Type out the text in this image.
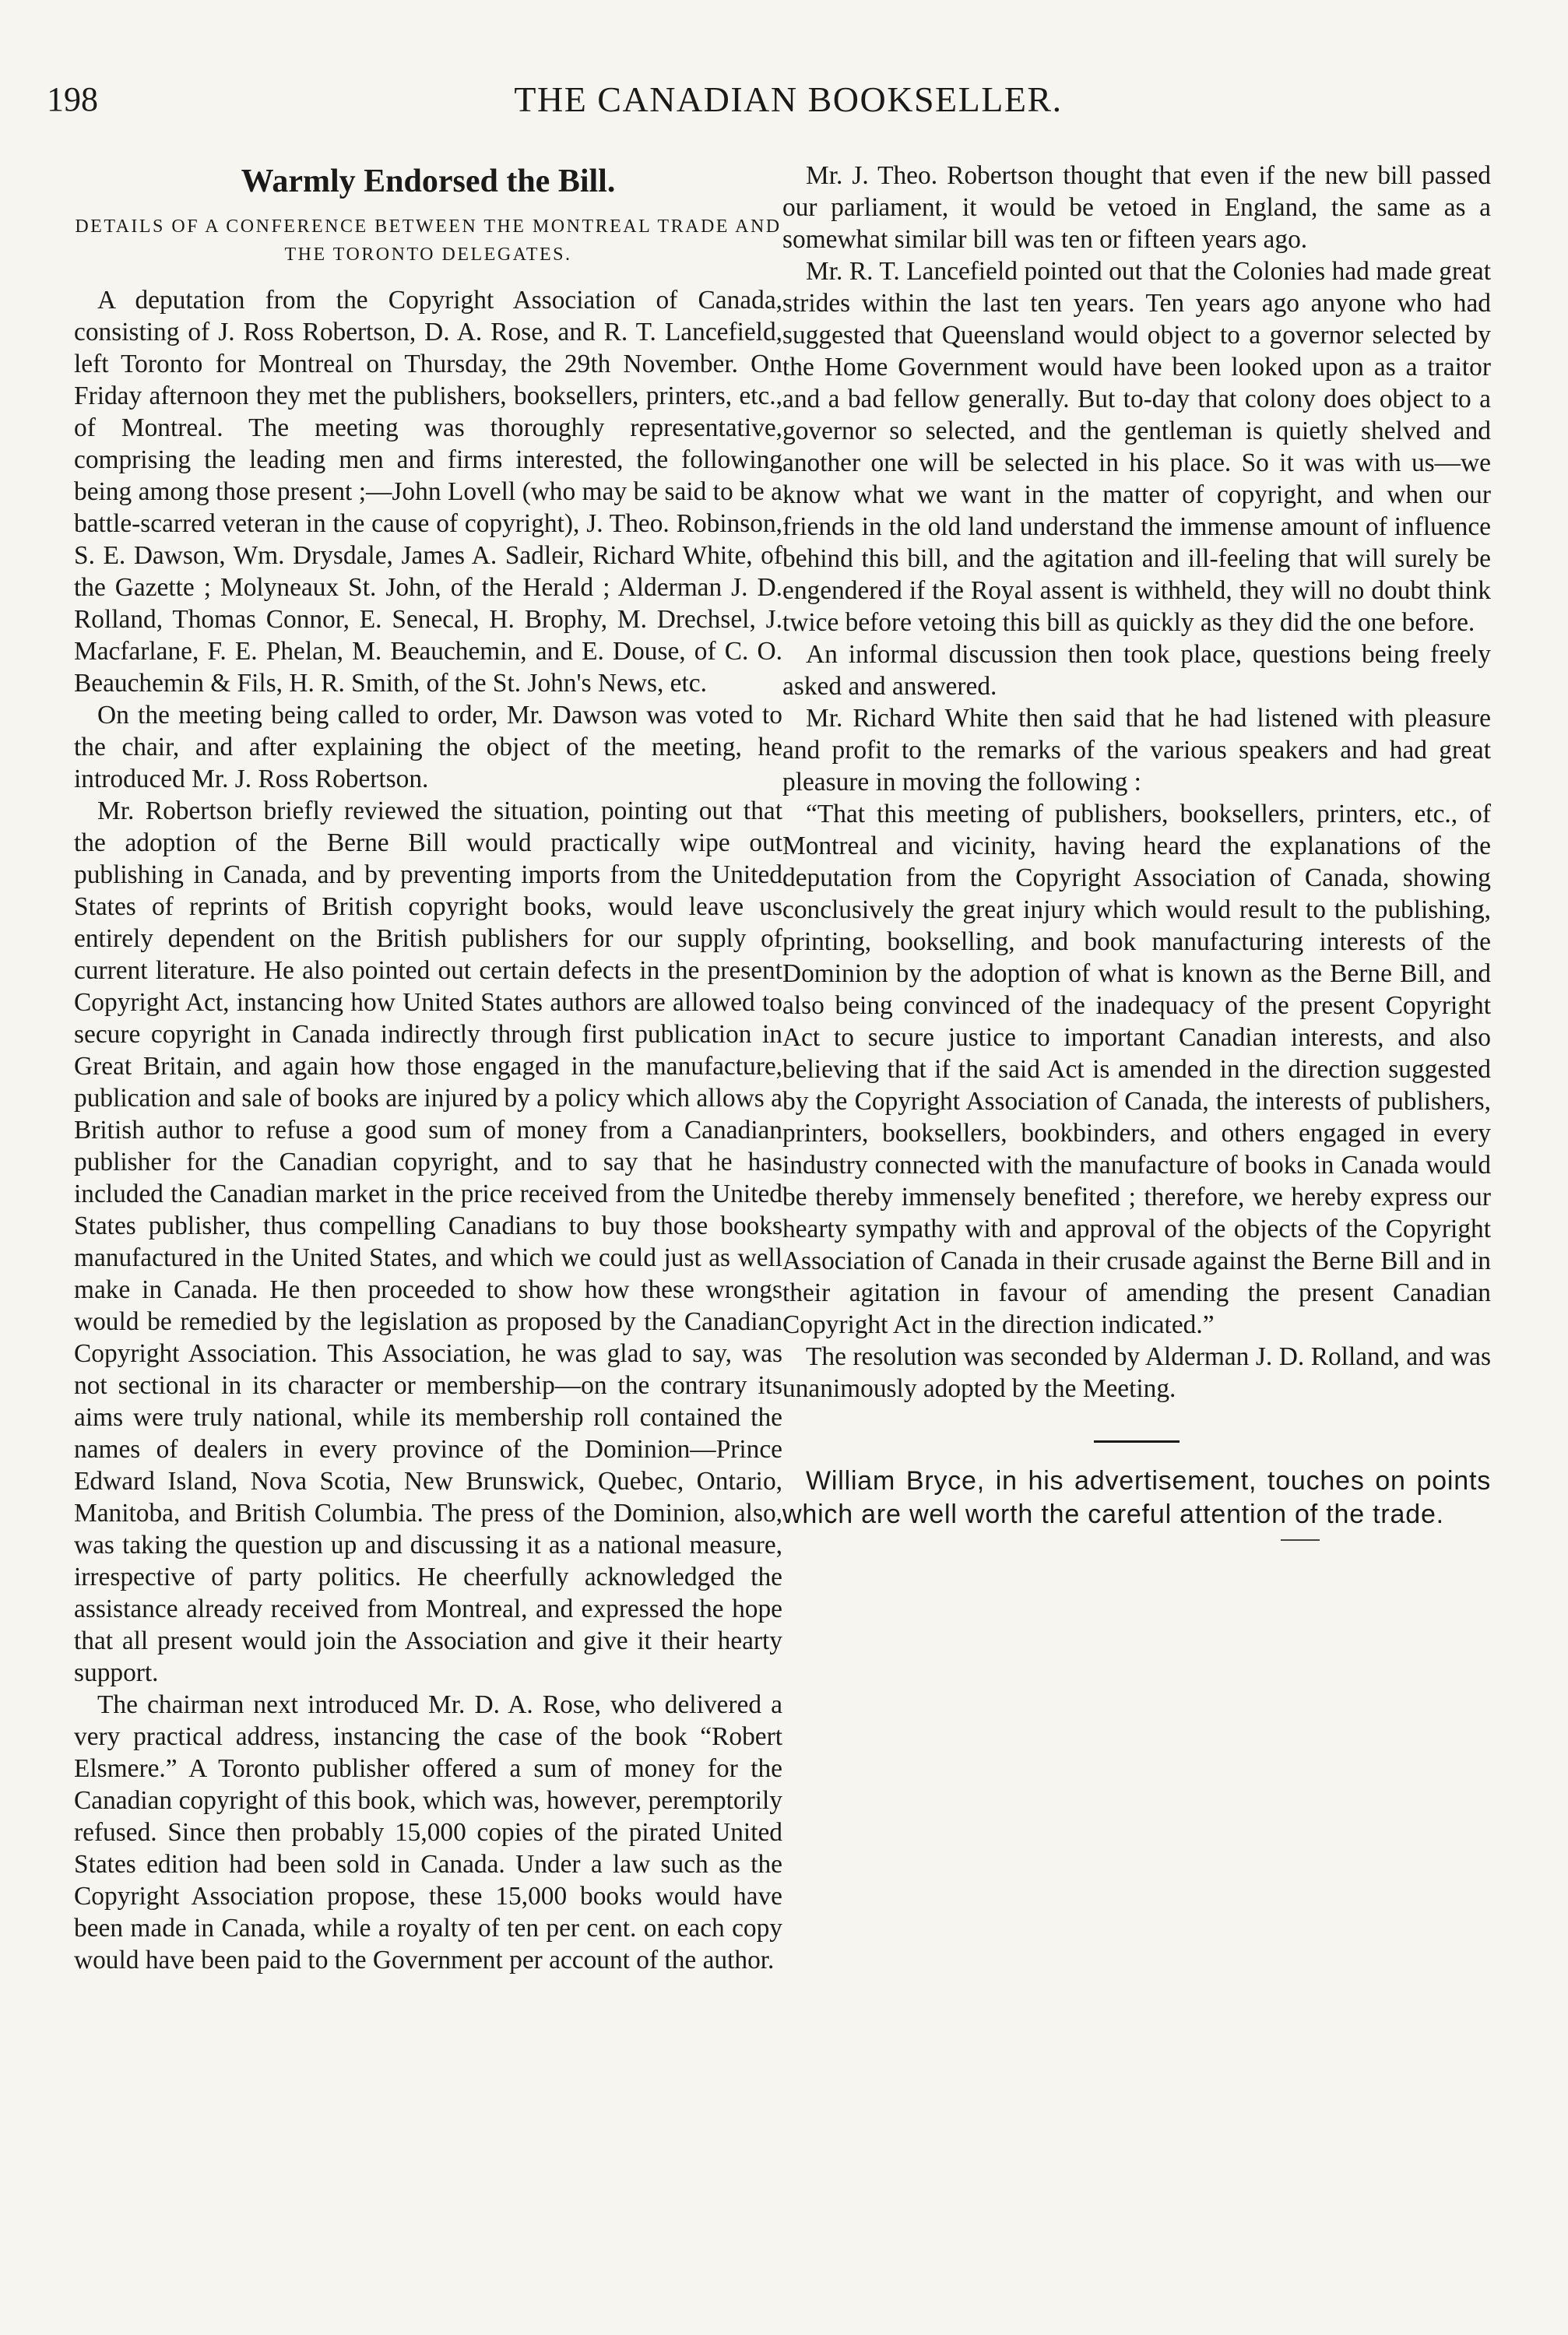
198	THE CANADIAN BOOKSELLER.
Warmly Endorsed the Bill.
DETAILS OF A CONFERENCE BETWEEN THE MONTREAL TRADE AND THE TORONTO DELEGATES.

A deputation from the Copyright Association of Canada, consisting of J. Ross Robertson, D. A. Rose, and R. T. Lancefield, left Toronto for Montreal on Thursday, the 29th November. On Friday afternoon they met the publishers, booksellers, printers, etc., of Montreal. The meeting was thoroughly representative, comprising the leading men and firms interested, the following being among those present ;—John Lovell (who may be said to be a battle-scarred veteran in the cause of copyright), J. Theo. Robinson, S. E. Dawson, Wm. Drysdale, James A. Sadleir, Richard White, of the Gazette ; Molyneaux St. John, of the Herald ; Alderman J. D. Rolland, Thomas Connor, E. Senecal, H. Brophy, M. Drechsel, J. Macfarlane, F. E. Phelan, M. Beauchemin, and E. Douse, of C. O. Beauchemin & Fils, H. R. Smith, of the St. John's News, etc.

On the meeting being called to order, Mr. Dawson was voted to the chair, and after explaining the object of the meeting, he introduced Mr. J. Ross Robertson.

Mr. Robertson briefly reviewed the situation, pointing out that the adoption of the Berne Bill would practically wipe out publishing in Canada, and by preventing imports from the United States of reprints of British copyright books, would leave us entirely dependent on the British publishers for our supply of current literature. He also pointed out certain defects in the present Copyright Act, instancing how United States authors are allowed to secure copyright in Canada indirectly through first publication in Great Britain, and again how those engaged in the manufacture, publication and sale of books are injured by a policy which allows a British author to refuse a good sum of money from a Canadian publisher for the Canadian copyright, and to say that he has included the Canadian market in the price received from the United States publisher, thus compelling Canadians to buy those books manufactured in the United States, and which we could just as well make in Canada. He then proceeded to show how these wrongs would be remedied by the legislation as proposed by the Canadian Copyright Association. This Association, he was glad to say, was not sectional in its character or membership—on the contrary its aims were truly national, while its membership roll contained the names of dealers in every province of the Dominion—Prince Edward Island, Nova Scotia, New Brunswick, Quebec, Ontario, Manitoba, and British Columbia. The press of the Dominion, also, was taking the question up and discussing it as a national measure, irrespective of party politics. He cheerfully acknowledged the assistance already received from Montreal, and expressed the hope that all present would join the Association and give it their hearty support.

The chairman next introduced Mr. D. A. Rose, who delivered a very practical address, instancing the case of the book “Robert Elsmere.” A Toronto publisher offered a sum of money for the Canadian copyright of this book, which was, however, peremptorily refused. Since then probably 15,000 copies of the pirated United States edition had been sold in Canada. Under a law such as the Copyright Association propose, these 15,000 books would have been made in Canada, while a royalty of ten per cent. on each copy would have been paid to the Government per account of the author.

Mr. J. Theo. Robertson thought that even if the new bill passed our parliament, it would be vetoed in England, the same as a somewhat similar bill was ten or fifteen years ago.

Mr. R. T. Lancefield pointed out that the Colonies had made great strides within the last ten years. Ten years ago anyone who had suggested that Queensland would object to a governor selected by the Home Government would have been looked upon as a traitor and a bad fellow generally. But to-day that colony does object to a governor so selected, and the gentleman is quietly shelved and another one will be selected in his place. So it was with us—we know what we want in the matter of copyright, and when our friends in the old land understand the immense amount of influence behind this bill, and the agitation and ill-feeling that will surely be engendered if the Royal assent is withheld, they will no doubt think twice before vetoing this bill as quickly as they did the one before.

An informal discussion then took place, questions being freely asked and answered.

Mr. Richard White then said that he had listened with pleasure and profit to the remarks of the various speakers and had great pleasure in moving the following :

“That this meeting of publishers, booksellers, printers, etc., of Montreal and vicinity, having heard the explanations of the deputation from the Copyright Association of Canada, showing conclusively the great injury which would result to the publishing, printing, bookselling, and book manufacturing interests of the Dominion by the adoption of what is known as the Berne Bill, and also being convinced of the inadequacy of the present Copyright Act to secure justice to important Canadian interests, and also believing that if the said Act is amended in the direction suggested by the Copyright Association of Canada, the interests of publishers, printers, booksellers, bookbinders, and others engaged in every industry connected with the manufacture of books in Canada would be thereby immensely benefited ; therefore, we hereby express our hearty sympathy with and approval of the objects of the Copyright Association of Canada in their crusade against the Berne Bill and in their agitation in favour of amending the present Canadian Copyright Act in the direction indicated.”

The resolution was seconded by Alderman J. D. Rolland, and was unanimously adopted by the Meeting.

William Bryce, in his advertisement, touches on points which are well worth the careful attention of the trade.
